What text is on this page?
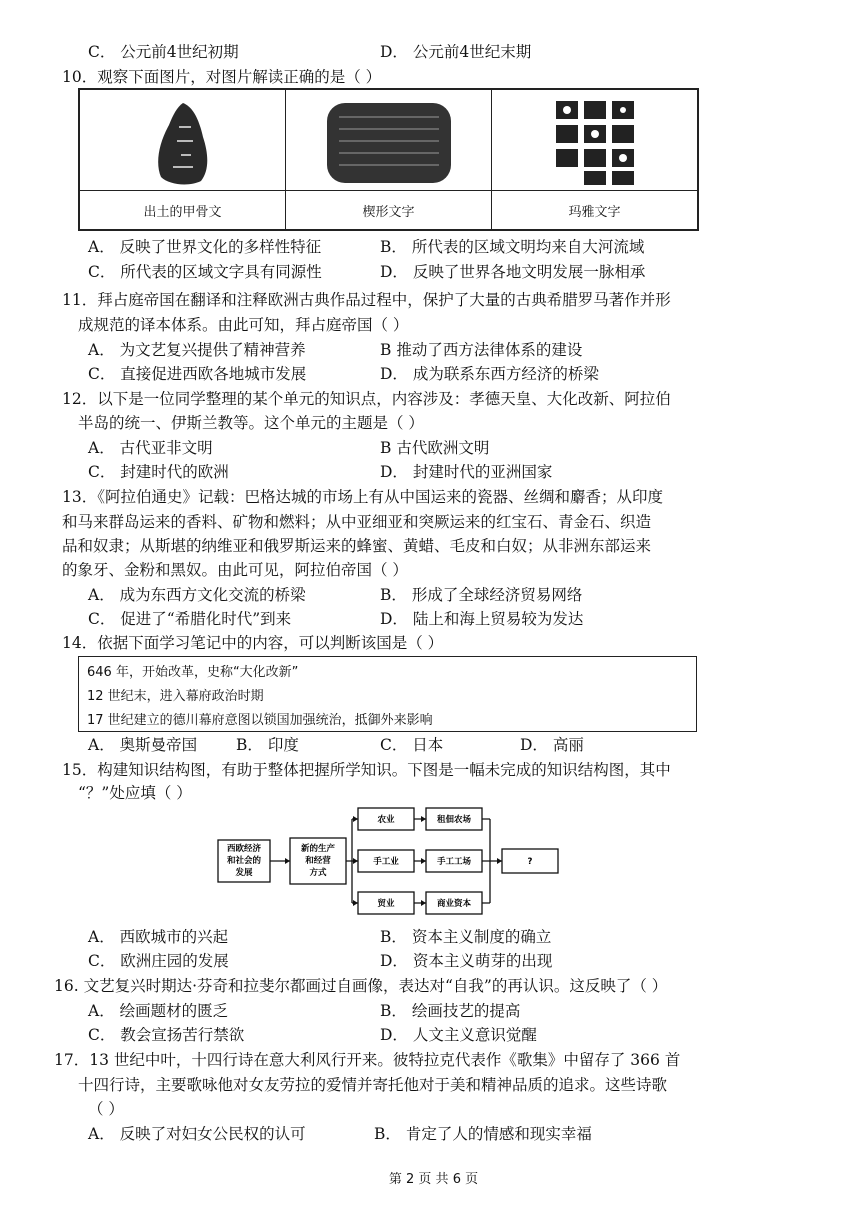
C． 公元前4世纪初期	D． 公元前4世纪末期
10．观察下面图片，对图片解读正确的是（ ）
出土的甲骨文	楔形文字	玛雅文字
A． 反映了世界文化的多样性特征	B． 所代表的区域文明均来自大河流域
C． 所代表的区域文字具有同源性	D． 反映了世界各地文明发展一脉相承
11．拜占庭帝国在翻译和注释欧洲古典作品过程中，保护了大量的古典希腊罗马著作并形
成规范的译本体系。由此可知，拜占庭帝国（ ）
A． 为文艺复兴提供了精神营养	B 推动了西方法律体系的建设
C． 直接促进西欧各地城市发展	D． 成为联系东西方经济的桥梁
12．以下是一位同学整理的某个单元的知识点，内容涉及：孝德天皇、大化改新、阿拉伯
半岛的统一、伊斯兰教等。这个单元的主题是（ ）
A． 古代亚非文明	B 古代欧洲文明
C． 封建时代的欧洲	D． 封建时代的亚洲国家
13．《阿拉伯通史》记载：巴格达城的市场上有从中国运来的瓷器、丝绸和麝香；从印度
和马来群岛运来的香料、矿物和燃料；从中亚细亚和突厥运来的红宝石、青金石、织造
品和奴隶；从斯堪的纳维亚和俄罗斯运来的蜂蜜、黄蜡、毛皮和白奴；从非洲东部运来
的象牙、金粉和黑奴。由此可见，阿拉伯帝国（ ）
A． 成为东西方文化交流的桥梁	B． 形成了全球经济贸易网络
C． 促进了“希腊化时代”到来	D． 陆上和海上贸易较为发达
14．依据下面学习笔记中的内容，可以判断该国是（ ）
646 年，开始改革，史称“大化改新”
12 世纪末，进入幕府政治时期
17 世纪建立的德川幕府意图以锁国加强统治，抵御外来影响
A． 奥斯曼帝国	B． 印度	C． 日本	D． 高丽
15．构建知识结构图，有助于整体把握所学知识。下图是一幅未完成的知识结构图，其中
“？”处应填（ ）
西欧经济
和社会的
发展
新的生产
和经营
方式
农业
手工业
贸业
租佃农场
手工工场
商业资本
?
A． 西欧城市的兴起	B． 资本主义制度的确立
C． 欧洲庄园的发展	D． 资本主义萌芽的出现
16. 文艺复兴时期达·芬奇和拉斐尔都画过自画像，表达对“自我”的再认识。这反映了（ ）
A． 绘画题材的匮乏	B． 绘画技艺的提高
C． 教会宣扬苦行禁欲	D． 人文主义意识觉醒
17．13 世纪中叶，十四行诗在意大利风行开来。彼特拉克代表作《歌集》中留存了 366 首
十四行诗，主要歌咏他对女友劳拉的爱情并寄托他对于美和精神品质的追求。这些诗歌
（ ）
A． 反映了对妇女公民权的认可	B． 肯定了人的情感和现实幸福
第 2 页 共 6 页
